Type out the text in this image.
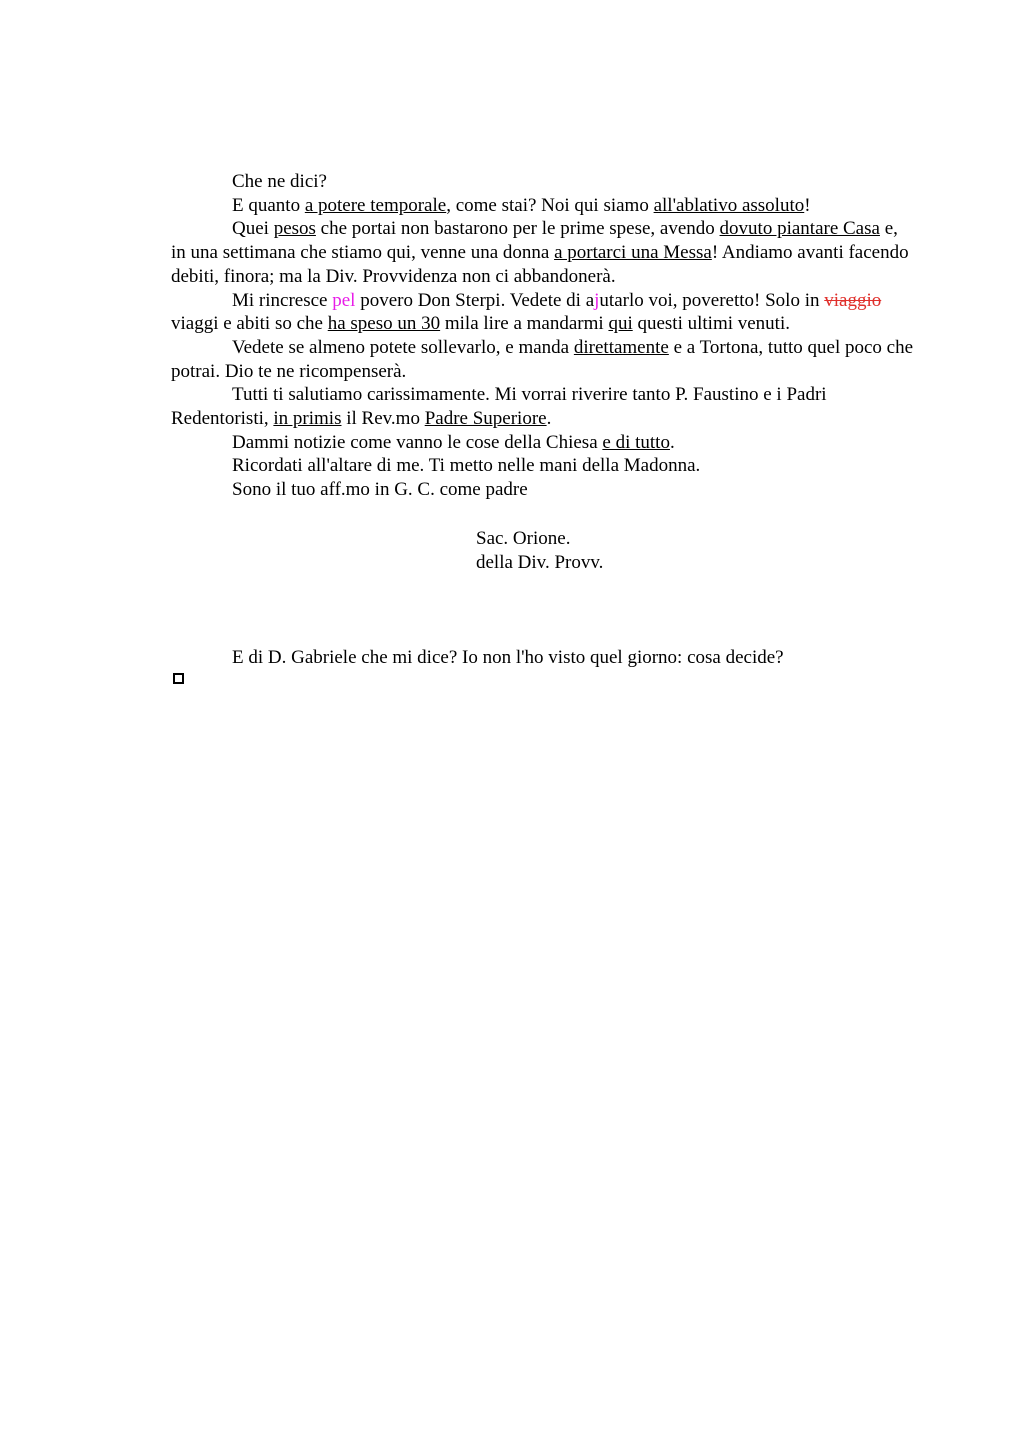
Che ne dici?

E quanto a potere temporale, come stai? Noi qui siamo all'ablativo assoluto!

Quei pesos che portai non bastarono per le prime spese, avendo dovuto piantare Casa e, in una settimana che stiamo qui, venne una donna a portarci una Messa! Andiamo avanti facendo debiti, finora; ma la Div. Provvidenza non ci abbandonerà.

Mi rincresce pel povero Don Sterpi. Vedete di ajutarlo voi, poveretto! Solo in viaggio viaggi e abiti so che ha speso un 30 mila lire a mandarmi qui questi ultimi venuti.

Vedete se almeno potete sollevarlo, e manda direttamente e a Tortona, tutto quel poco che potrai. Dio te ne ricompenserà.

Tutti ti salutiamo carissimamente. Mi vorrai riverire tanto P. Faustino e i Padri Redentoristi, in primis il Rev.mo Padre Superiore.

Dammi notizie come vanno le cose della Chiesa e di tutto.

Ricordati all'altare di me. Ti metto nelle mani della Madonna.

Sono il tuo aff.mo in G. C. come padre

Sac. Orione.
della Div. Provv.

E di D. Gabriele che mi dice? Io non l'ho visto quel giorno: cosa decide?
